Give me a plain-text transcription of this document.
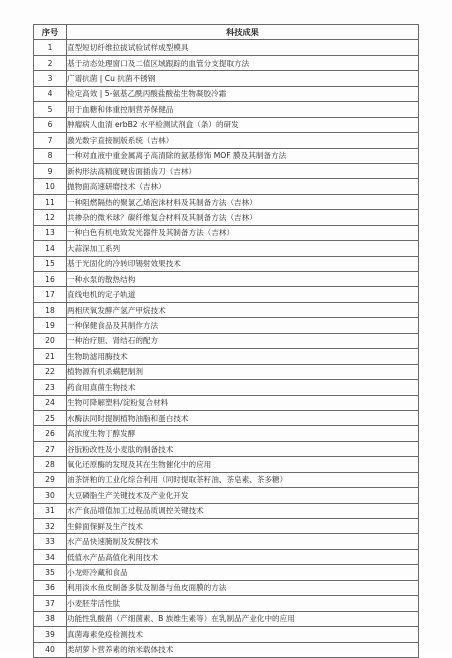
序号	科技成果
1	直型短切纤维拉拔试验试样成型模具
2	基于动态处理窗口及二值区域跟踪的血管分支提取方法
3	广谱抗菌 | Cu 抗菌不锈钢
4	检定高效 | 5-氨基乙酰丙酸盐酸盐生物凝胶冷霜
5	用于血糖和体重控制营养保健品
6	肿瘤病人血清 erbB2 水平检测试剂盒（条）的研发
7	激光数字直接制版系统（吉林）
8	一种对血液中重金属离子高清除的氨基修饰 MOF 膜及其制备方法
9	新构形法高精度硬齿面插齿刀（吉林）
10	抛物面高速研磨技术（吉林）
11	一种阻燃隔热的聚氯乙烯泡沫材料及其制备方法（吉林）
12	共掺杂的微米球？碳纤维复合材料及其制备方法（吉林）
13	一种白色有机电致发光器件及其制备方法（吉林）
14	大蒜深加工系列
15	基于光固化的冷转印锡射效果技术
16	一种水泵的散热结构
17	直线电机的定子轨道
18	两相厌氧发酵产氢产甲烷技术
19	一种保健食品及其制作方法
20	一种治疗胆、肾结石的配方
21	生物助滤用酶技术
22	植物源有机杀螨肥制剂
23	药食用真菌生物技术
24	生物可降解塑料/淀粉复合材料
25	水酶法同时提制植物油脂和蛋白技术
26	高浓度生物丁醇发酵
27	谷朊粉改性及小麦肽的制备技术
28	氧化还原酶的发现及其在生物催化中的应用
29	油茶饼粕的工业化综合利用（同时提取茶籽油、茶皂素、茶多糖）
30	大豆磷脂生产关键技术及产业化开发
31	水产食品增值加工过程品质调控关键技术
32	生鲜面保鲜及生产技术
33	水产品快速腌制及发酵技术
34	低值水产品高值化利用技术
35	小龙虾冷藏和食品
36	利用淡水鱼皮制备多肽及制备与鱼皮面膜的方法
37	小麦胚芽活性肽
38	功能性乳酸菌（产细菌素、B 族维生素等）在乳制品产业化中的应用
39	真菌毒素免疫检测技术
40	类胡萝卜营养素的纳米载体技术
